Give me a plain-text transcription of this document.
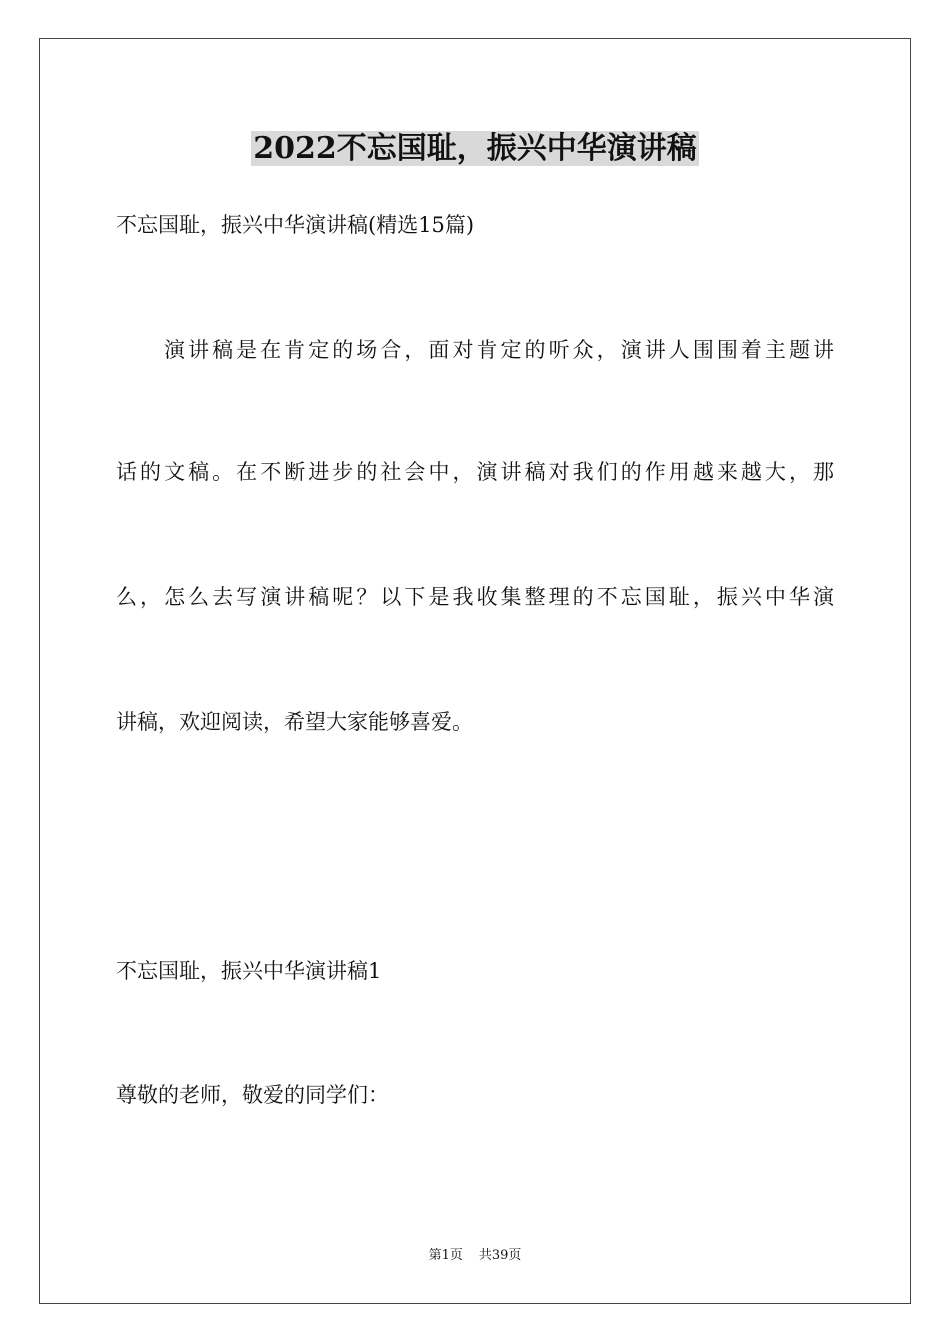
2022不忘国耻，振兴中华演讲稿
不忘国耻，振兴中华演讲稿(精选15篇)
演讲稿是在肯定的场合，面对肯定的听众，演讲人围围着主题讲
话的文稿。在不断进步的社会中，演讲稿对我们的作用越来越大，那
么，怎么去写演讲稿呢？以下是我收集整理的不忘国耻，振兴中华演
讲稿，欢迎阅读，希望大家能够喜爱。
不忘国耻，振兴中华演讲稿1
尊敬的老师，敬爱的同学们：
第1页 共39页
